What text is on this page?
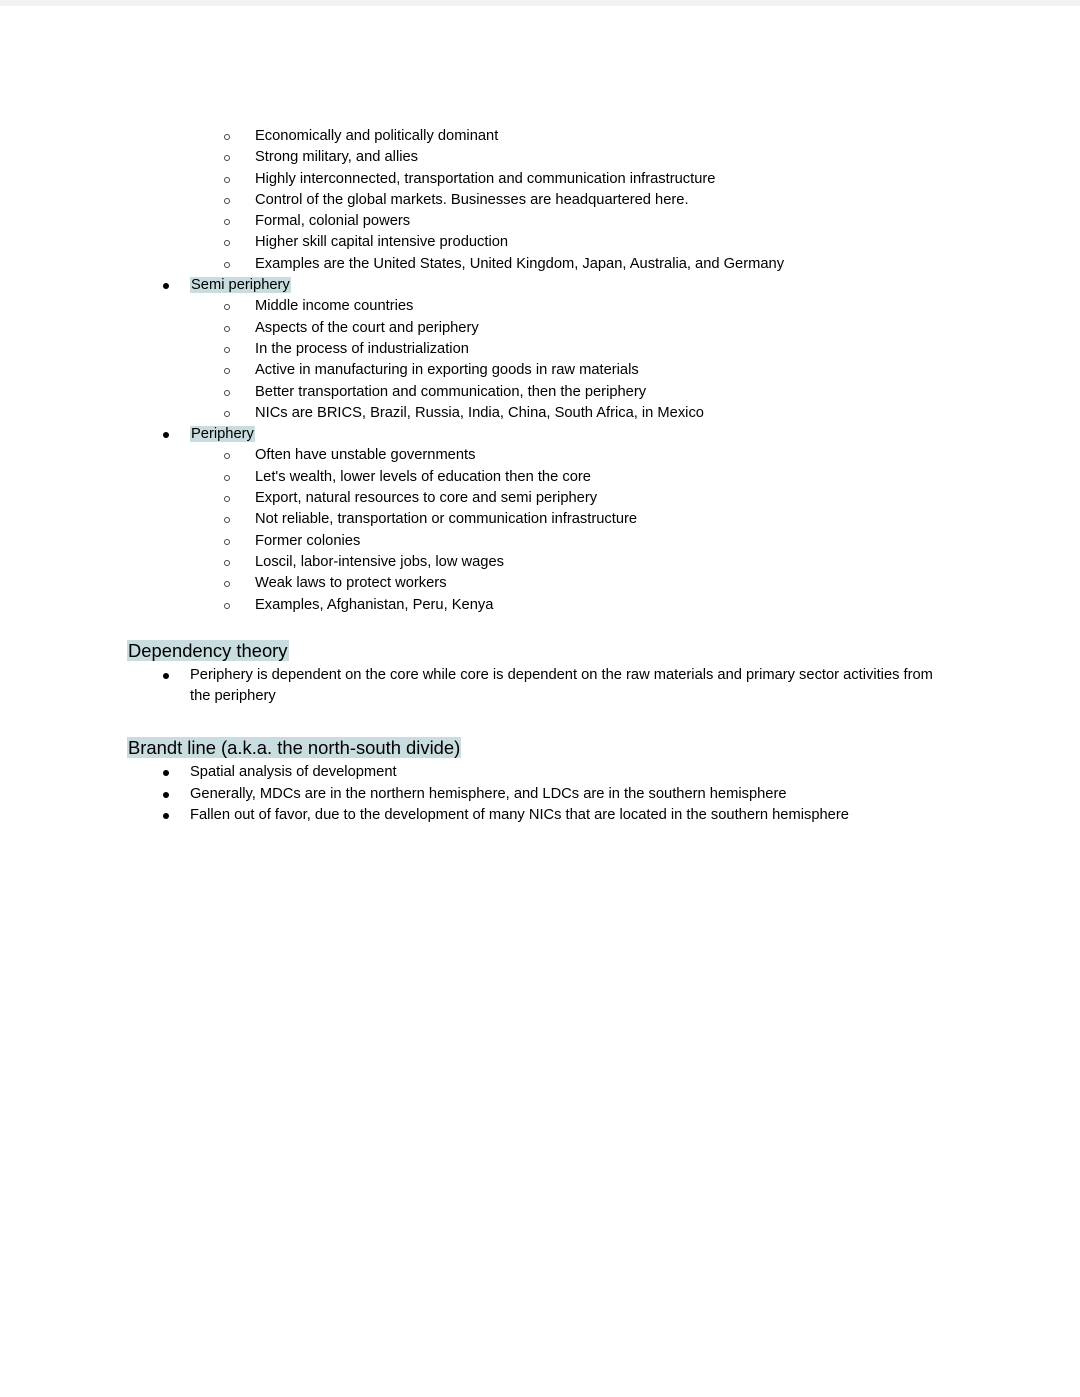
Economically and politically dominant
Strong military, and allies
Highly interconnected, transportation and communication infrastructure
Control of the global markets. Businesses are headquartered here.
Formal, colonial powers
Higher skill capital intensive production
Examples are the United States, United Kingdom, Japan, Australia, and Germany
Semi periphery
Middle income countries
Aspects of the court and periphery
In the process of industrialization
Active in manufacturing in exporting goods in raw materials
Better transportation and communication, then the periphery
NICs are BRICS, Brazil, Russia, India, China, South Africa, in Mexico
Periphery
Often have unstable governments
Let's wealth, lower levels of education then the core
Export, natural resources to core and semi periphery
Not reliable, transportation or communication infrastructure
Former colonies
Loscil, labor-intensive jobs, low wages
Weak laws to protect workers
Examples, Afghanistan, Peru, Kenya
Dependency theory
Periphery is dependent on the core while core is dependent on the raw materials and primary sector activities from the periphery
Brandt line (a.k.a. the north-south divide)
Spatial analysis of development
Generally, MDCs are in the northern hemisphere, and LDCs are in the southern hemisphere
Fallen out of favor, due to the development of many NICs that are located in the southern hemisphere
